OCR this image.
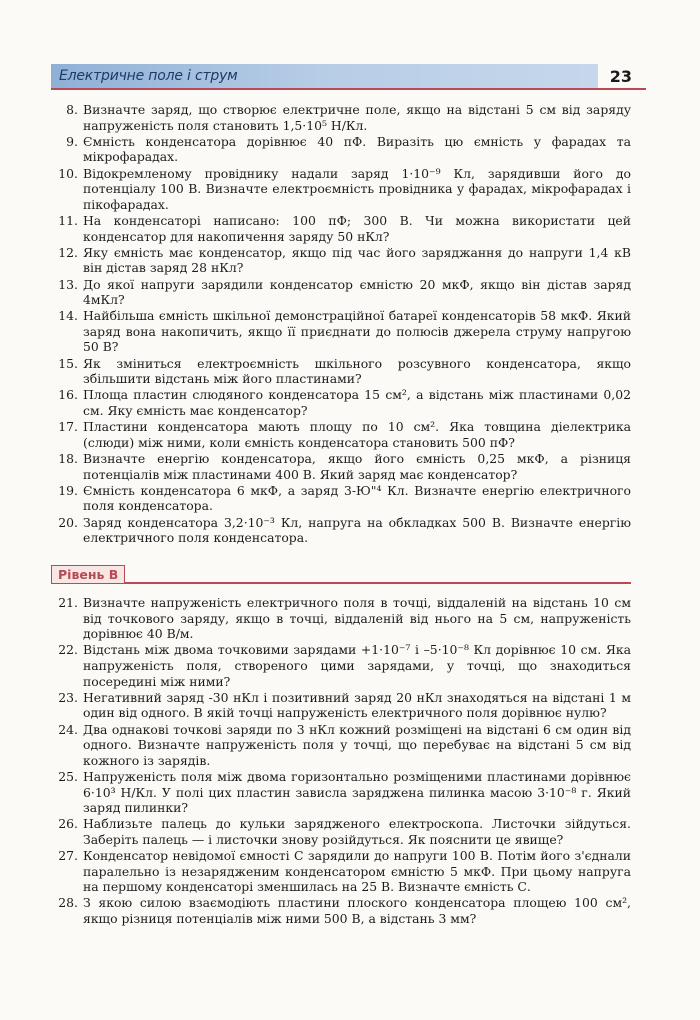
Електричне поле і струм	23
8. Визначте заряд, що створює електричне поле, якщо на відстані 5 см від заряду напруженість поля становить 1,5·10⁵ Н/Кл.
9. Ємність конденсатора дорівнює 40 пФ. Виразіть цю ємність у фарадах та мікрофарадах.
10. Відокремленому провіднику надали заряд 1·10⁻⁹ Кл, зарядивши його до потенціалу 100 В. Визначте електроємність провідника у фарадах, мікрофарадах і пікофарадах.
11. На конденсаторі написано: 100 пФ; 300 В. Чи можна використати цей конденсатор для накопичення заряду 50 нКл?
12. Яку ємність має конденсатор, якщо під час його заряджання до напруги 1,4 кВ він дістав заряд 28 нКл?
13. До якої напруги зарядили конденсатор ємністю 20 мкФ, якщо він дістав заряд 4мКл?
14. Найбільша ємність шкільної демонстраційної батареї конденсаторів 58 мкФ. Який заряд вона накопичить, якщо її приєднати до полюсів джерела струму напругою 50 В?
15. Як зміниться електроємність шкільного розсувного конденсатора, якщо збільшити відстань між його пластинами?
16. Площа пластин слюдяного конденсатора 15 см², а відстань між пластинами 0,02 см. Яку ємність має конденсатор?
17. Пластини конденсатора мають площу по 10 см². Яка товщина діелектрика (слюди) між ними, коли ємність конденсатора становить 500 пФ?
18. Визначте енергію конденсатора, якщо його ємність 0,25 мкФ, а різниця потенціалів між пластинами 400 В. Який заряд має конденсатор?
19. Ємність конденсатора 6 мкФ, а заряд 3-Ю"⁴ Кл. Визначте енергію електричного поля конденсатора.
20. Заряд конденсатора 3,2·10⁻³ Кл, напруга на обкладках 500 В. Визначте енергію електричного поля конденсатора.
Рівень В
21. Визначте напруженість електричного поля в точці, віддаленій на відстань 10 см від точкового заряду, якщо в точці, віддаленій від нього на 5 см, напруженість дорівнює 40 В/м.
22. Відстань між двома точковими зарядами +1·10⁻⁷ і –5·10⁻⁸ Кл дорівнює 10 см. Яка напруженість поля, створеного цими зарядами, у точці, що знаходиться посередині між ними?
23. Негативний заряд -30 нКл і позитивний заряд 20 нКл знаходяться на відстані 1 м один від одного. В якій точці напруженість електричного поля дорівнює нулю?
24. Два однакові точкові заряди по 3 нКл кожний розміщені на відстані 6 см один від одного. Визначте напруженість поля у точці, що перебуває на відстані 5 см від кожного із зарядів.
25. Напруженість поля між двома горизонтально розміщеними пластинами дорівнює 6·10³ Н/Кл. У полі цих пластин зависла заряджена пилинка масою 3·10⁻⁸ г. Який заряд пилинки?
26. Наблизьте палець до кульки зарядженого електроскопа. Листочки зійдуться. Заберіть палець — і листочки знову розійдуться. Як пояснити це явище?
27. Конденсатор невідомої ємності С зарядили до напруги 100 В. Потім його з'єднали паралельно із незарядженим конденсатором ємністю 5 мкФ. При цьому напруга на першому конденсаторі зменшилась на 25 В. Визначте ємність С.
28. З якою силою взаємодіють пластини плоского конденсатора площею 100 см², якщо різниця потенціалів між ними 500 В, а відстань 3 мм?
